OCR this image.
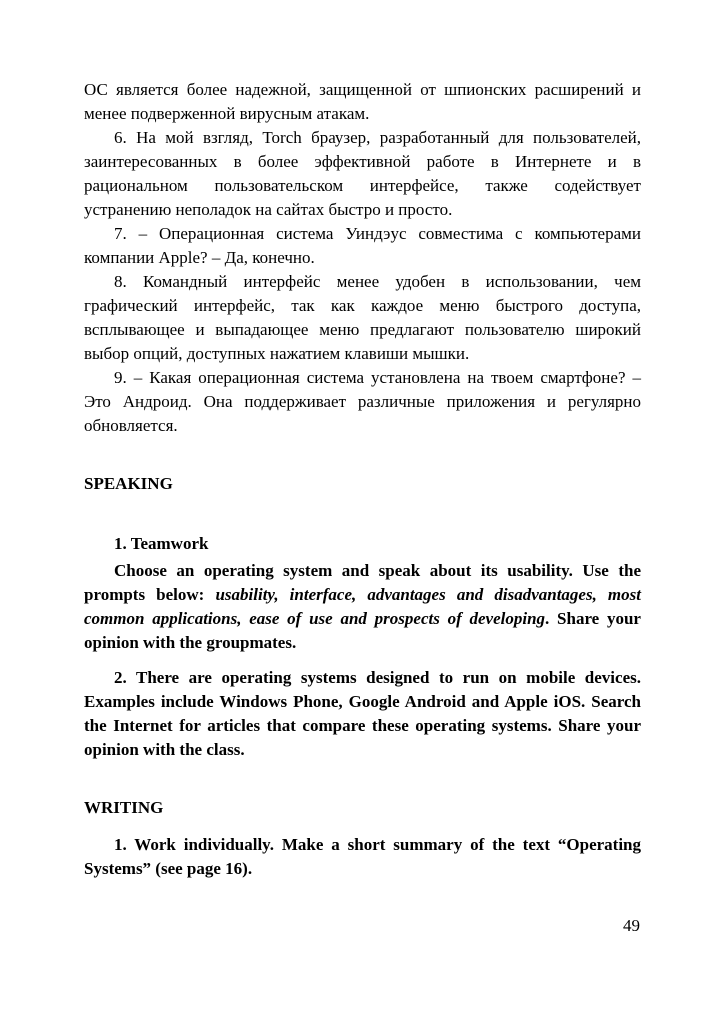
ОС является более надежной, защищенной от шпионских расширений и менее подверженной вирусным атакам.

6. На мой взгляд, Torch браузер, разработанный для пользователей, заинтересованных в более эффективной работе в Интернете и в рациональном пользовательском интерфейсе, также содействует устранению неполадок на сайтах быстро и просто.

7. – Операционная система Уиндэус совместима с компьютерами компании Apple? – Да, конечно.

8. Командный интерфейс менее удобен в использовании, чем графический интерфейс, так как каждое меню быстрого доступа, всплывающее и выпадающее меню предлагают пользователю широкий выбор опций, доступных нажатием клавиши мышки.

9. – Какая операционная система установлена на твоем смартфоне? – Это Андроид. Она поддерживает различные приложения и регулярно обновляется.

SPEAKING

1. Teamwork

Choose an operating system and speak about its usability. Use the prompts below: usability, interface, advantages and disadvantages, most common applications, ease of use and prospects of developing. Share your opinion with the groupmates.

2. There are operating systems designed to run on mobile devices. Examples include Windows Phone, Google Android and Apple iOS. Search the Internet for articles that compare these operating systems. Share your opinion with the class.

WRITING

1. Work individually. Make a short summary of the text “Operating Systems” (see page 16).

49
